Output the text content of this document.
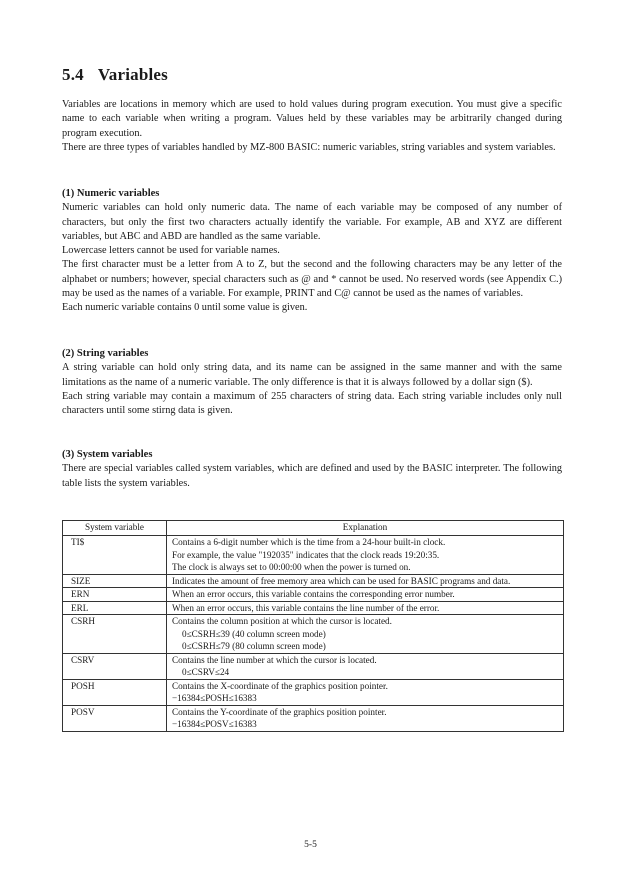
5.4 Variables

Variables are locations in memory which are used to hold values during program execution. You must give a specific name to each variable when writing a program. Values held by these variables may be arbitrarily changed during program execution.

There are three types of variables handled by MZ-800 BASIC: numeric variables, string variables and system variables.

(1) Numeric variables

Numeric variables can hold only numeric data. The name of each variable may be composed of any number of characters, but only the first two characters actually identify the variable. For example, AB and XYZ are different variables, but ABC and ABD are handled as the same variable.

Lowercase letters cannot be used for variable names.

The first character must be a letter from A to Z, but the second and the following characters may be any letter of the alphabet or numbers; however, special characters such as @ and * cannot be used. No reserved words (see Appendix C.) may be used as the names of a variable. For example, PRINT and C@ cannot be used as the names of variables.

Each numeric variable contains 0 until some value is given.

(2) String variables

A string variable can hold only string data, and its name can be assigned in the same manner and with the same limitations as the name of a numeric variable. The only difference is that it is always followed by a dollar sign ($).

Each string variable may contain a maximum of 255 characters of string data. Each string variable includes only null characters until some stirng data is given.

(3) System variables

There are special variables called system variables, which are defined and used by the BASIC interpreter. The following table lists the system variables.

System variable	Explanation
TI$	Contains a 6-digit number which is the time from a 24-hour built-in clock.
For example, the value "192035" indicates that the clock reads 19:20:35.
The clock is always set to 00:00:00 when the power is turned on.

SIZE	Indicates the amount of free memory area which can be used for BASIC programs and data.

ERN	When an error occurs, this variable contains the corresponding error number.

ERL	When an error occurs, this variable contains the line number of the error.

CSRH	Contains the column position at which the cursor is located.
0≤CSRH≤39 (40 column screen mode)
0≤CSRH≤79 (80 column screen mode)

CSRV	Contains the line number at which the cursor is located.
0≤CSRV≤24

POSH	Contains the X-coordinate of the graphics position pointer.
−16384≤POSH≤16383

POSV	Contains the Y-coordinate of the graphics position pointer.
−16384≤POSV≤16383
5-5
